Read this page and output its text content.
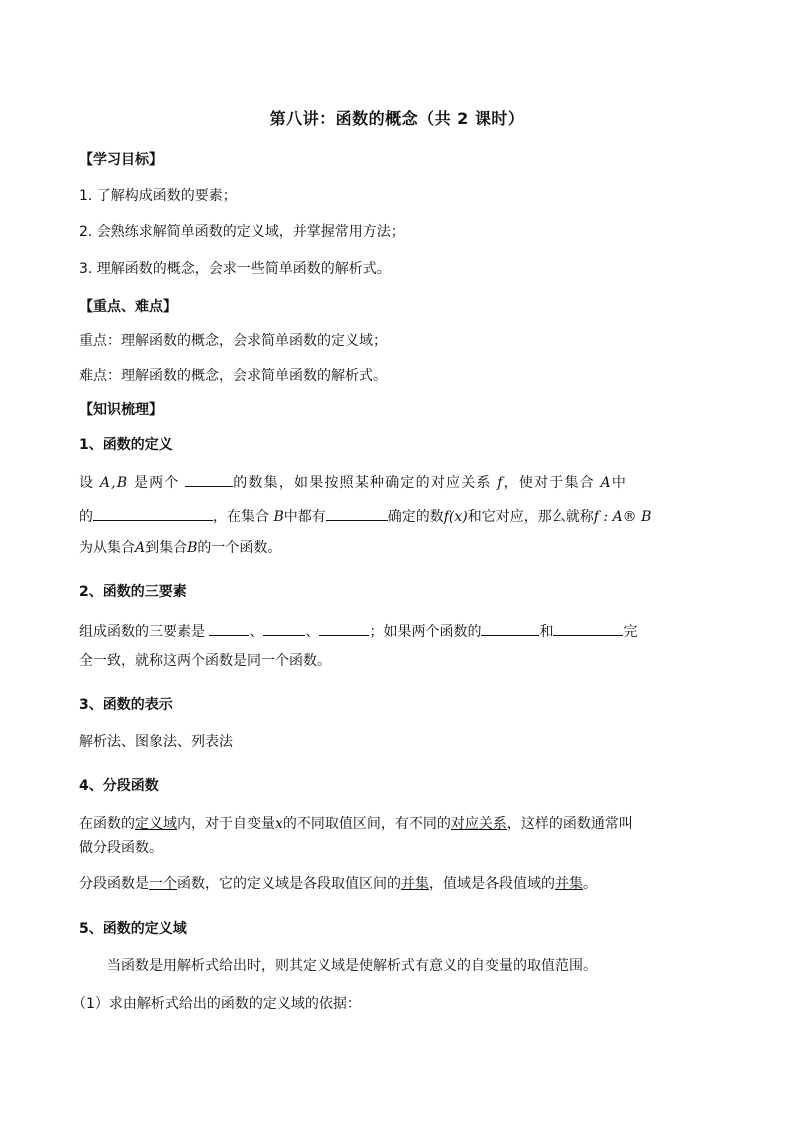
第八讲：函数的概念（共 2 课时）
【学习目标】
1. 了解构成函数的要素；
2. 会熟练求解简单函数的定义域，并掌握常用方法；
3. 理解函数的概念，会求一些简单函数的解析式。
【重点、难点】
重点：理解函数的概念，会求简单函数的定义域；
难点：理解函数的概念，会求简单函数的解析式。
【知识梳理】
1、函数的定义
设 A,B 是两个	的数集，如果按照某种确定的对应关系 f，使对于集合 A中
的	，在集合 B中都有	确定的数f(x)和它对应，那么就称f : A® B
为从集合A到集合B的一个函数。
2、函数的三要素
组成函数的三要素是	、	、	；如果两个函数的	和	完
全一致，就称这两个函数是同一个函数。
3、函数的表示
解析法、图象法、列表法
4、分段函数
在函数的定义域内，对于自变量x的不同取值区间，有不同的对应关系，这样的函数通常叫
做分段函数。
分段函数是一个函数，它的定义域是各段取值区间的并集，值域是各段值域的并集。
5、函数的定义域
当函数是用解析式给出时，则其定义域是使解析式有意义的自变量的取值范围。
（1）求由解析式给出的函数的定义域的依据：
